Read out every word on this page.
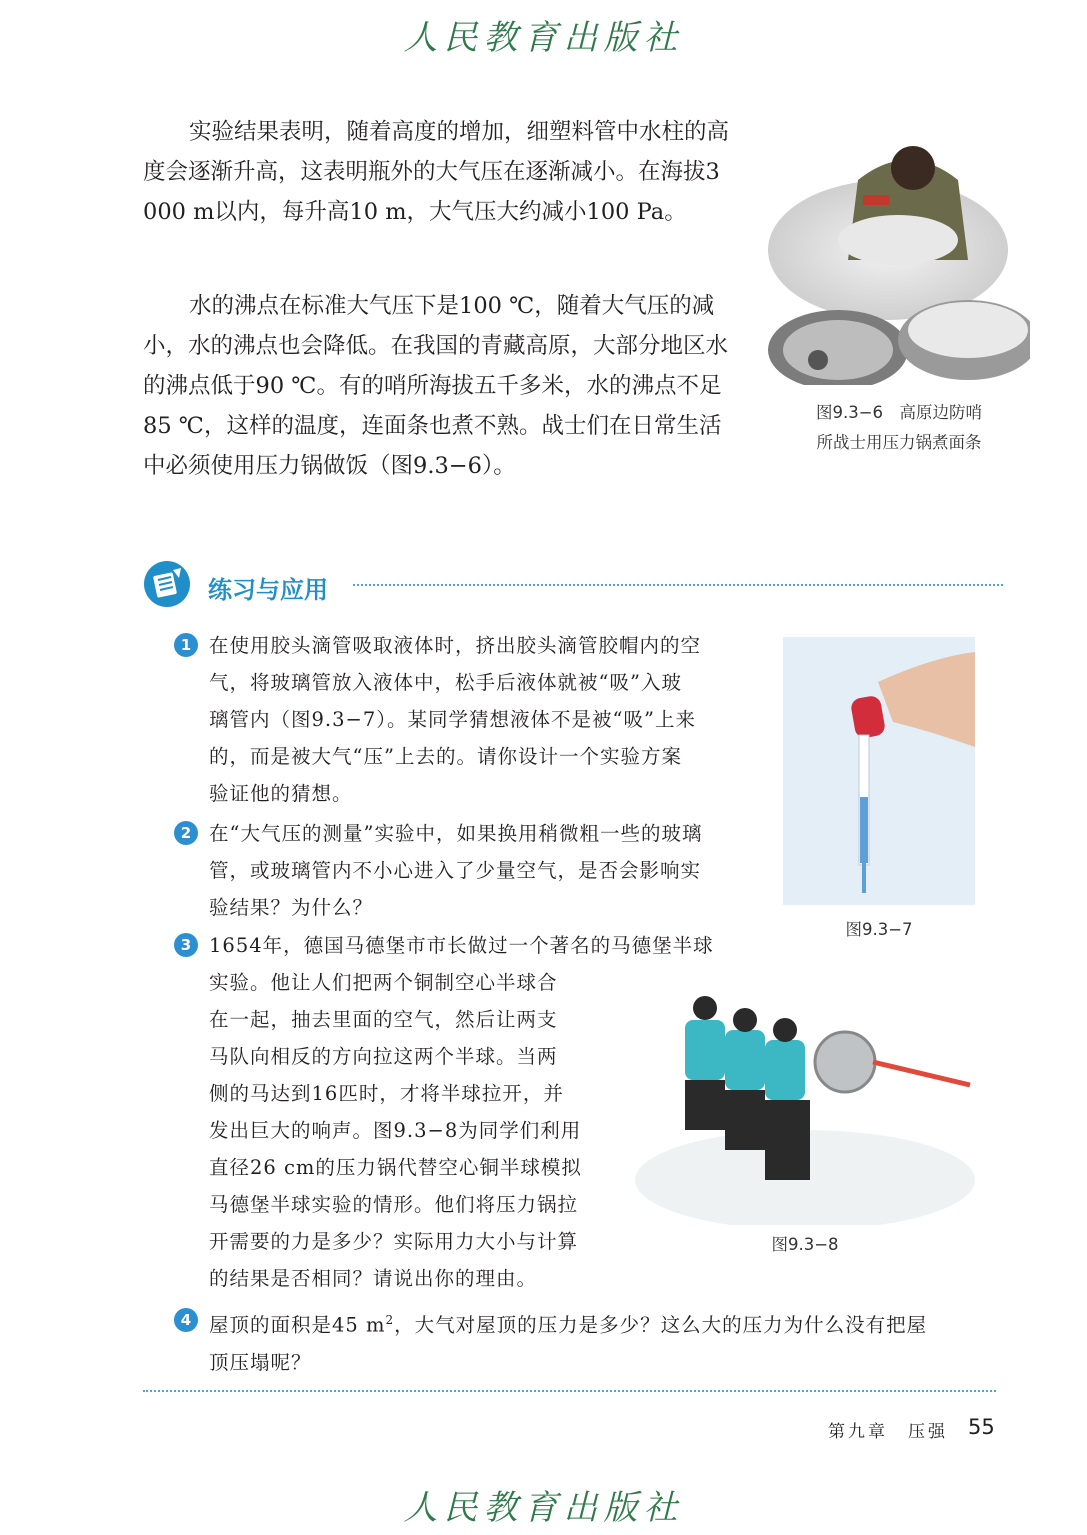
人民教育出版社

实验结果表明，随着高度的增加，细塑料管中水柱的高度会逐渐升高，这表明瓶外的大气压在逐渐减小。在海拔3 000 m以内，每升高10 m，大气压大约减小100 Pa。

水的沸点在标准大气压下是100 ℃，随着大气压的减小，水的沸点也会降低。在我国的青藏高原，大部分地区水的沸点低于90 ℃。有的哨所海拔五千多米，水的沸点不足85 ℃，这样的温度，连面条也煮不熟。战士们在日常生活中必须使用压力锅做饭（图9.3−6）。

图9.3−6　高原边防哨
所战士用压力锅煮面条
练习与应用
1 在使用胶头滴管吸取液体时，挤出胶头滴管胶帽内的空

气，将玻璃管放入液体中，松手后液体就被“吸”入玻

璃管内（图9.3−7）。某同学猜想液体不是被“吸”上来

的，而是被大气“压”上去的。请你设计一个实验方案

验证他的猜想。

2 在“大气压的测量”实验中，如果换用稍微粗一些的玻璃

管，或玻璃管内不小心进入了少量空气，是否会影响实

验结果？为什么？

图9.3−7
3 1654年，德国马德堡市市长做过一个著名的马德堡半球

实验。他让人们把两个铜制空心半球合

在一起，抽去里面的空气，然后让两支

马队向相反的方向拉这两个半球。当两

侧的马达到16匹时，才将半球拉开，并

发出巨大的响声。图9.3−8为同学们利用

直径26 cm的压力锅代替空心铜半球模拟

马德堡半球实验的情形。他们将压力锅拉

开需要的力是多少？实际用力大小与计算

的结果是否相同？请说出你的理由。

图9.3−8
4 屋顶的面积是45 $m^2$，大气对屋顶的压力是多少？这么大的压力为什么没有把屋

顶压塌呢？

第九章　压强 55
人民教育出版社
